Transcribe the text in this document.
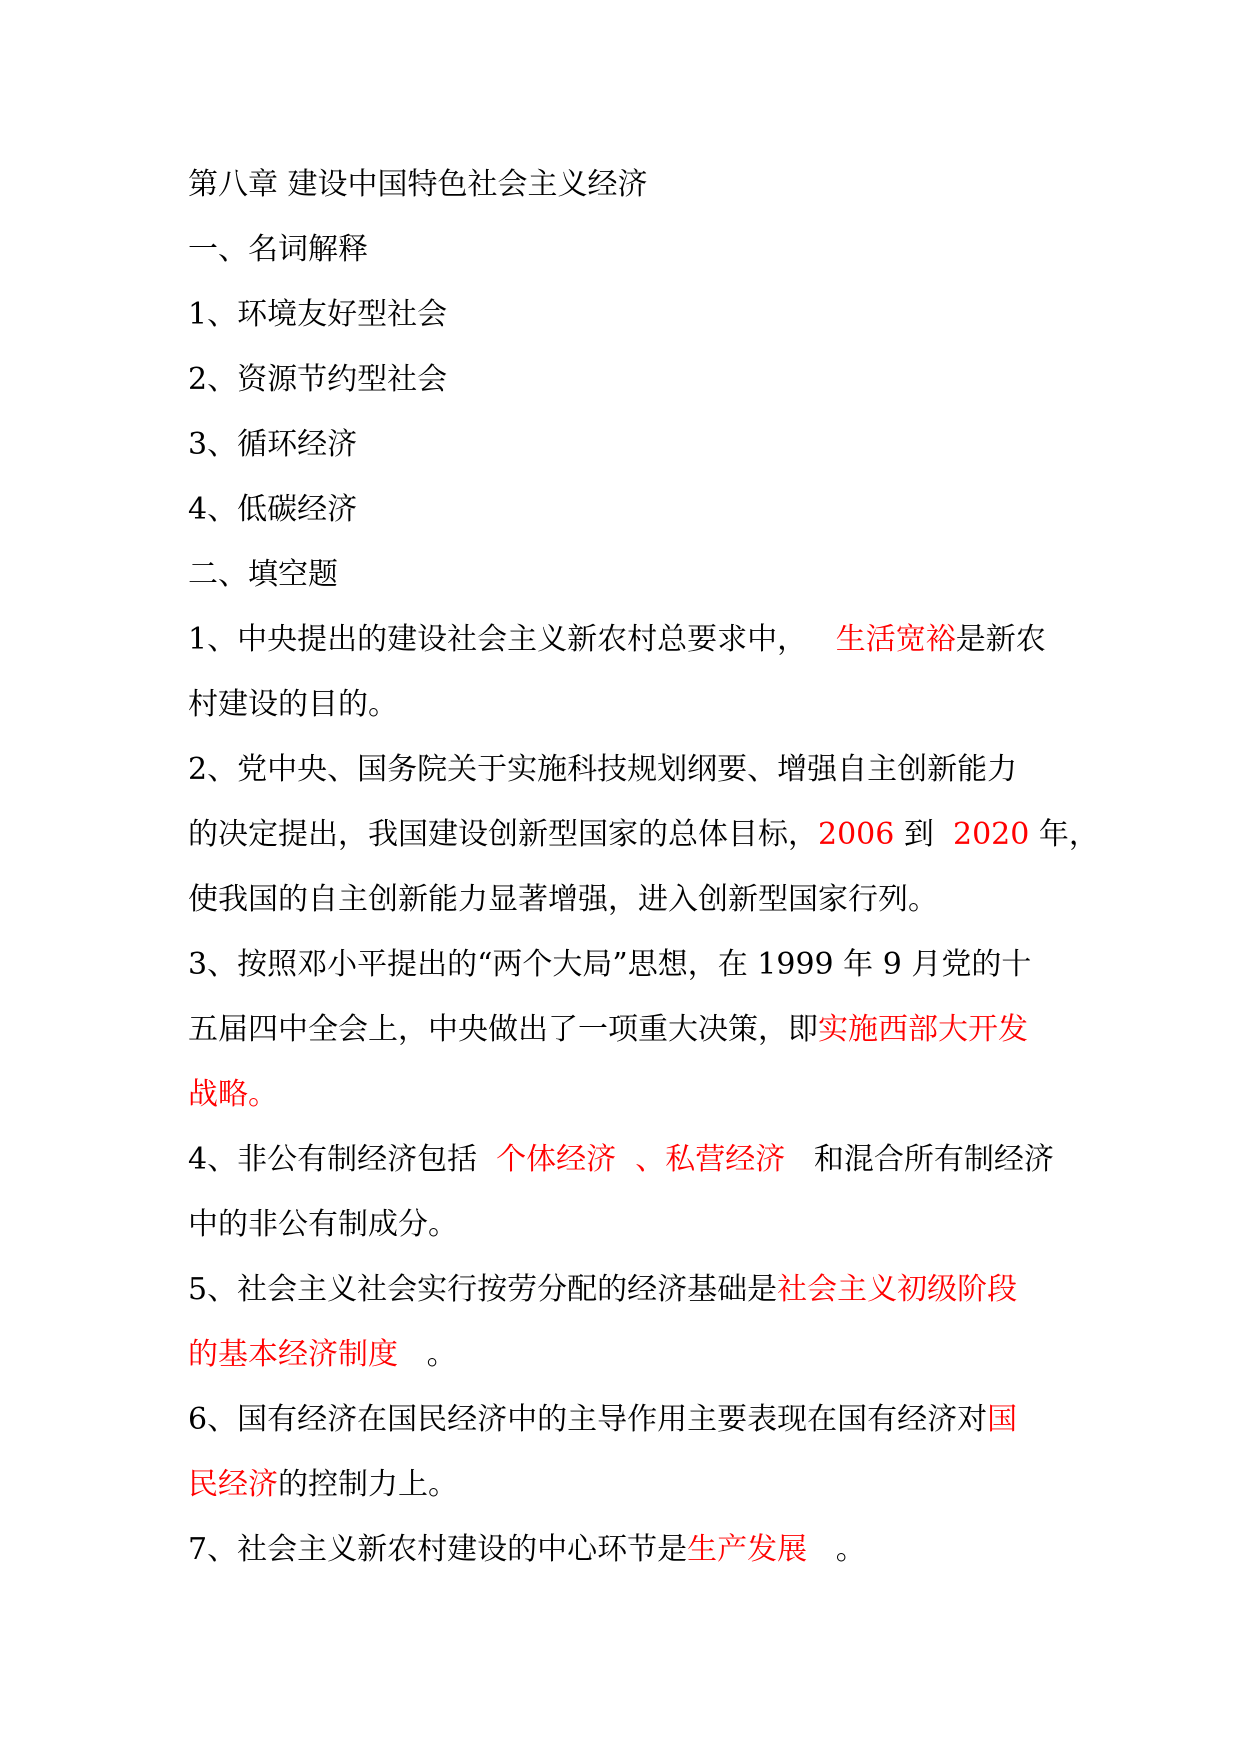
第八章 建设中国特色社会主义经济
一、名词解释
1、环境友好型社会
2、资源节约型社会
3、循环经济
4、低碳经济
二、填空题
1、中央提出的建设社会主义新农村总要求中， 生活宽裕是新农
村建设的目的。
2、党中央、国务院关于实施科技规划纲要、增强自主创新能力
的决定提出，我国建设创新型国家的总体目标，2006 到 2020 年，
使我国的自主创新能力显著增强，进入创新型国家行列。
3、按照邓小平提出的“两个大局”思想，在 1999 年 9 月党的十
五届四中全会上，中央做出了一项重大决策，即实施西部大开发
战略。
4、非公有制经济包括 个体经济 、私营经济 和混合所有制经济
中的非公有制成分。
5、社会主义社会实行按劳分配的经济基础是社会主义初级阶段
的基本经济制度 。
6、国有经济在国民经济中的主导作用主要表现在国有经济对国
民经济的控制力上。
7、社会主义新农村建设的中心环节是生产发展 。
